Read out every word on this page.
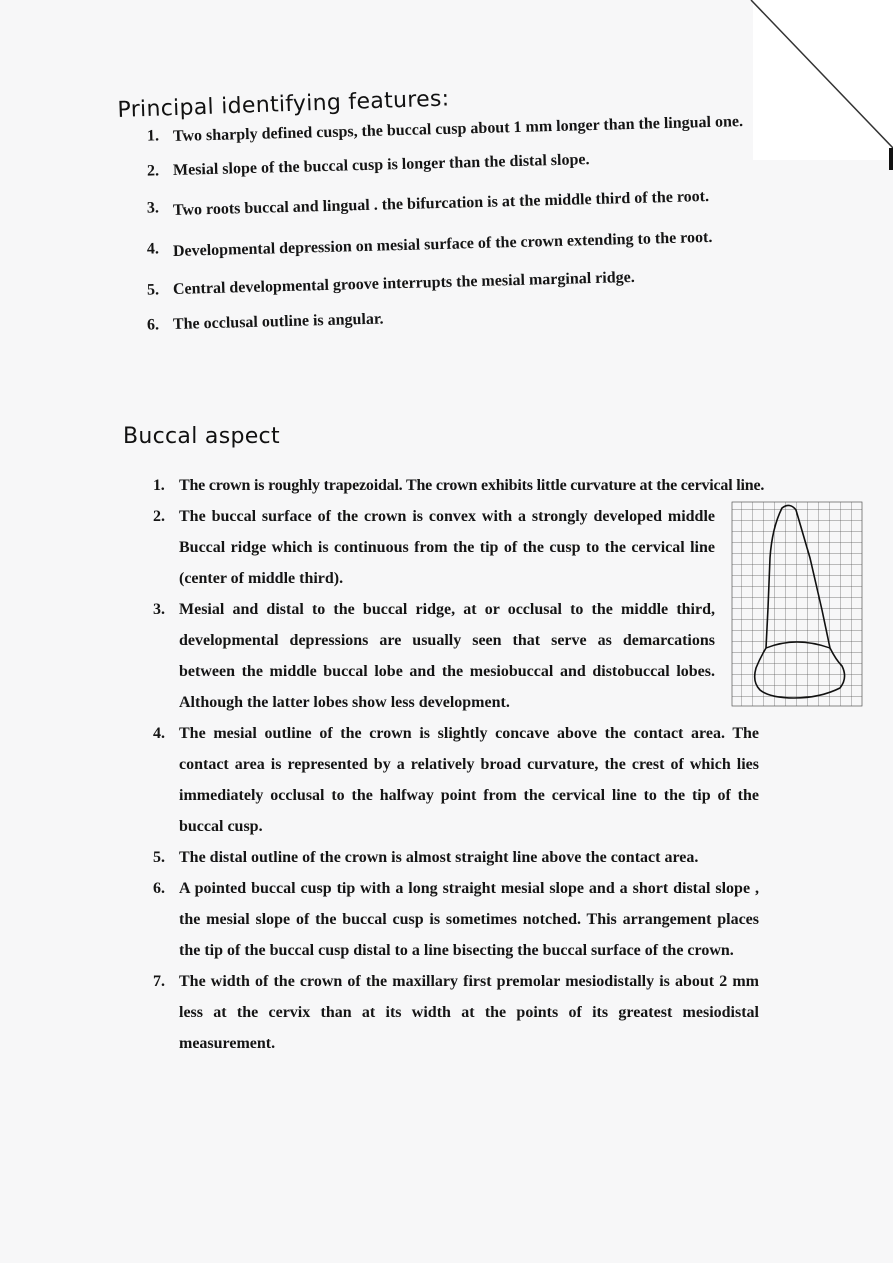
Principal identifying features:
1. Two sharply defined cusps, the buccal cusp about 1 mm longer than the lingual one.
2. Mesial slope of the buccal cusp is longer than the distal slope.
3. Two roots buccal and lingual . the bifurcation is at the middle third of the root.
4. Developmental depression on mesial surface of the crown extending to the root.
5. Central developmental groove interrupts the mesial marginal ridge.
6. The occlusal outline is angular.
Buccal aspect
1. The crown is roughly trapezoidal. The crown exhibits little curvature at the cervical line.
2. The buccal surface of the crown is convex with a strongly developed middle Buccal ridge which is continuous from the tip of the cusp to the cervical line (center of middle third).
3. Mesial and distal to the buccal ridge, at or occlusal to the middle third, developmental depressions are usually seen that serve as demarcations between the middle buccal lobe and the mesiobuccal and distobuccal lobes. Although the latter lobes show less development.
4. The mesial outline of the crown is slightly concave above the contact area. The contact area is represented by a relatively broad curvature, the crest of which lies immediately occlusal to the halfway point from the cervical line to the tip of the buccal cusp.
5. The distal outline of the crown is almost straight line above the contact area.
6. A pointed buccal cusp tip with a long straight mesial slope and a short distal slope , the mesial slope of the buccal cusp is sometimes notched. This arrangement places the tip of the buccal cusp distal to a line bisecting the buccal surface of the crown.
7. The width of the crown of the maxillary first premolar mesiodistally is about 2 mm less at the cervix than at its width at the points of its greatest mesiodistal measurement.
